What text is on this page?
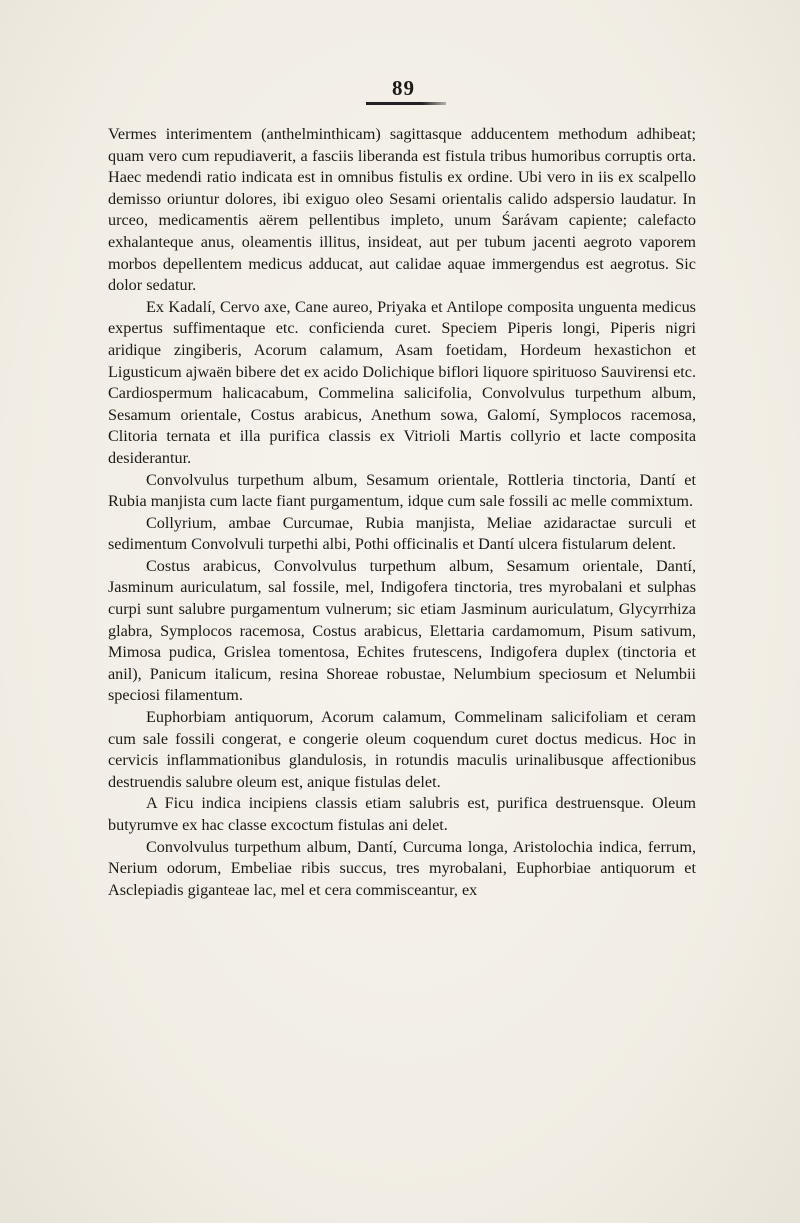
89

Vermes interimentem (anthelminthicam) sagittasque adducentem methodum adhibeat; quam vero cum repudiaverit, a fasciis liberanda est fistula tribus humoribus corruptis orta. Haec medendi ratio indicata est in omnibus fistulis ex ordine. Ubi vero in iis ex scalpello demisso oriuntur dolores, ibi exiguo oleo Sesami orientalis calido adspersio laudatur. In urceo, medicamentis aërem pellentibus impleto, unum Śarávam capiente; calefacto exhalanteque anus, oleamentis illitus, insideat, aut per tubum jacenti aegroto vaporem morbos depellentem medicus adducat, aut calidae aquae immergendus est aegrotus. Sic dolor sedatur.

Ex Kadalí, Cervo axe, Cane aureo, Priyaka et Antilope composita unguenta medicus expertus suffimentaque etc. conficienda curet. Speciem Piperis longi, Piperis nigri aridique zingiberis, Acorum calamum, Asam foetidam, Hordeum hexastichon et Ligusticum ajwaën bibere det ex acido Dolichique biflori liquore spirituoso Sauvirensi etc. Cardiospermum halicacabum, Commelina salicifolia, Convolvulus turpethum album, Sesamum orientale, Costus arabicus, Anethum sowa, Galomí, Symplocos racemosa, Clitoria ternata et illa purifica classis ex Vitrioli Martis collyrio et lacte composita desiderantur.

Convolvulus turpethum album, Sesamum orientale, Rottleria tinctoria, Dantí et Rubia manjista cum lacte fiant purgamentum, idque cum sale fossili ac melle commixtum.

Collyrium, ambae Curcumae, Rubia manjista, Meliae azidaractae surculi et sedimentum Convolvuli turpethi albi, Pothi officinalis et Dantí ulcera fistularum delent.

Costus arabicus, Convolvulus turpethum album, Sesamum orientale, Dantí, Jasminum auriculatum, sal fossile, mel, Indigofera tinctoria, tres myrobalani et sulphas curpi sunt salubre purgamentum vulnerum; sic etiam Jasminum auriculatum, Glycyrrhiza glabra, Symplocos racemosa, Costus arabicus, Elettaria cardamomum, Pisum sativum, Mimosa pudica, Grislea tomentosa, Echites frutescens, Indigofera duplex (tinctoria et anil), Panicum italicum, resina Shoreae robustae, Nelumbium speciosum et Nelumbii speciosi filamentum.

Euphorbiam antiquorum, Acorum calamum, Commelinam salicifoliam et ceram cum sale fossili congerat, e congerie oleum coquendum curet doctus medicus. Hoc in cervicis inflammationibus glandulosis, in rotundis maculis urinalibusque affectionibus destruendis salubre oleum est, anique fistulas delet.

A Ficu indica incipiens classis etiam salubris est, purifica destruensque. Oleum butyrumve ex hac classe excoctum fistulas ani delet.

Convolvulus turpethum album, Dantí, Curcuma longa, Aristolochia indica, ferrum, Nerium odorum, Embeliae ribis succus, tres myrobalani, Euphorbiae antiquorum et Asclepiadis giganteae lac, mel et cera commisceantur, ex
